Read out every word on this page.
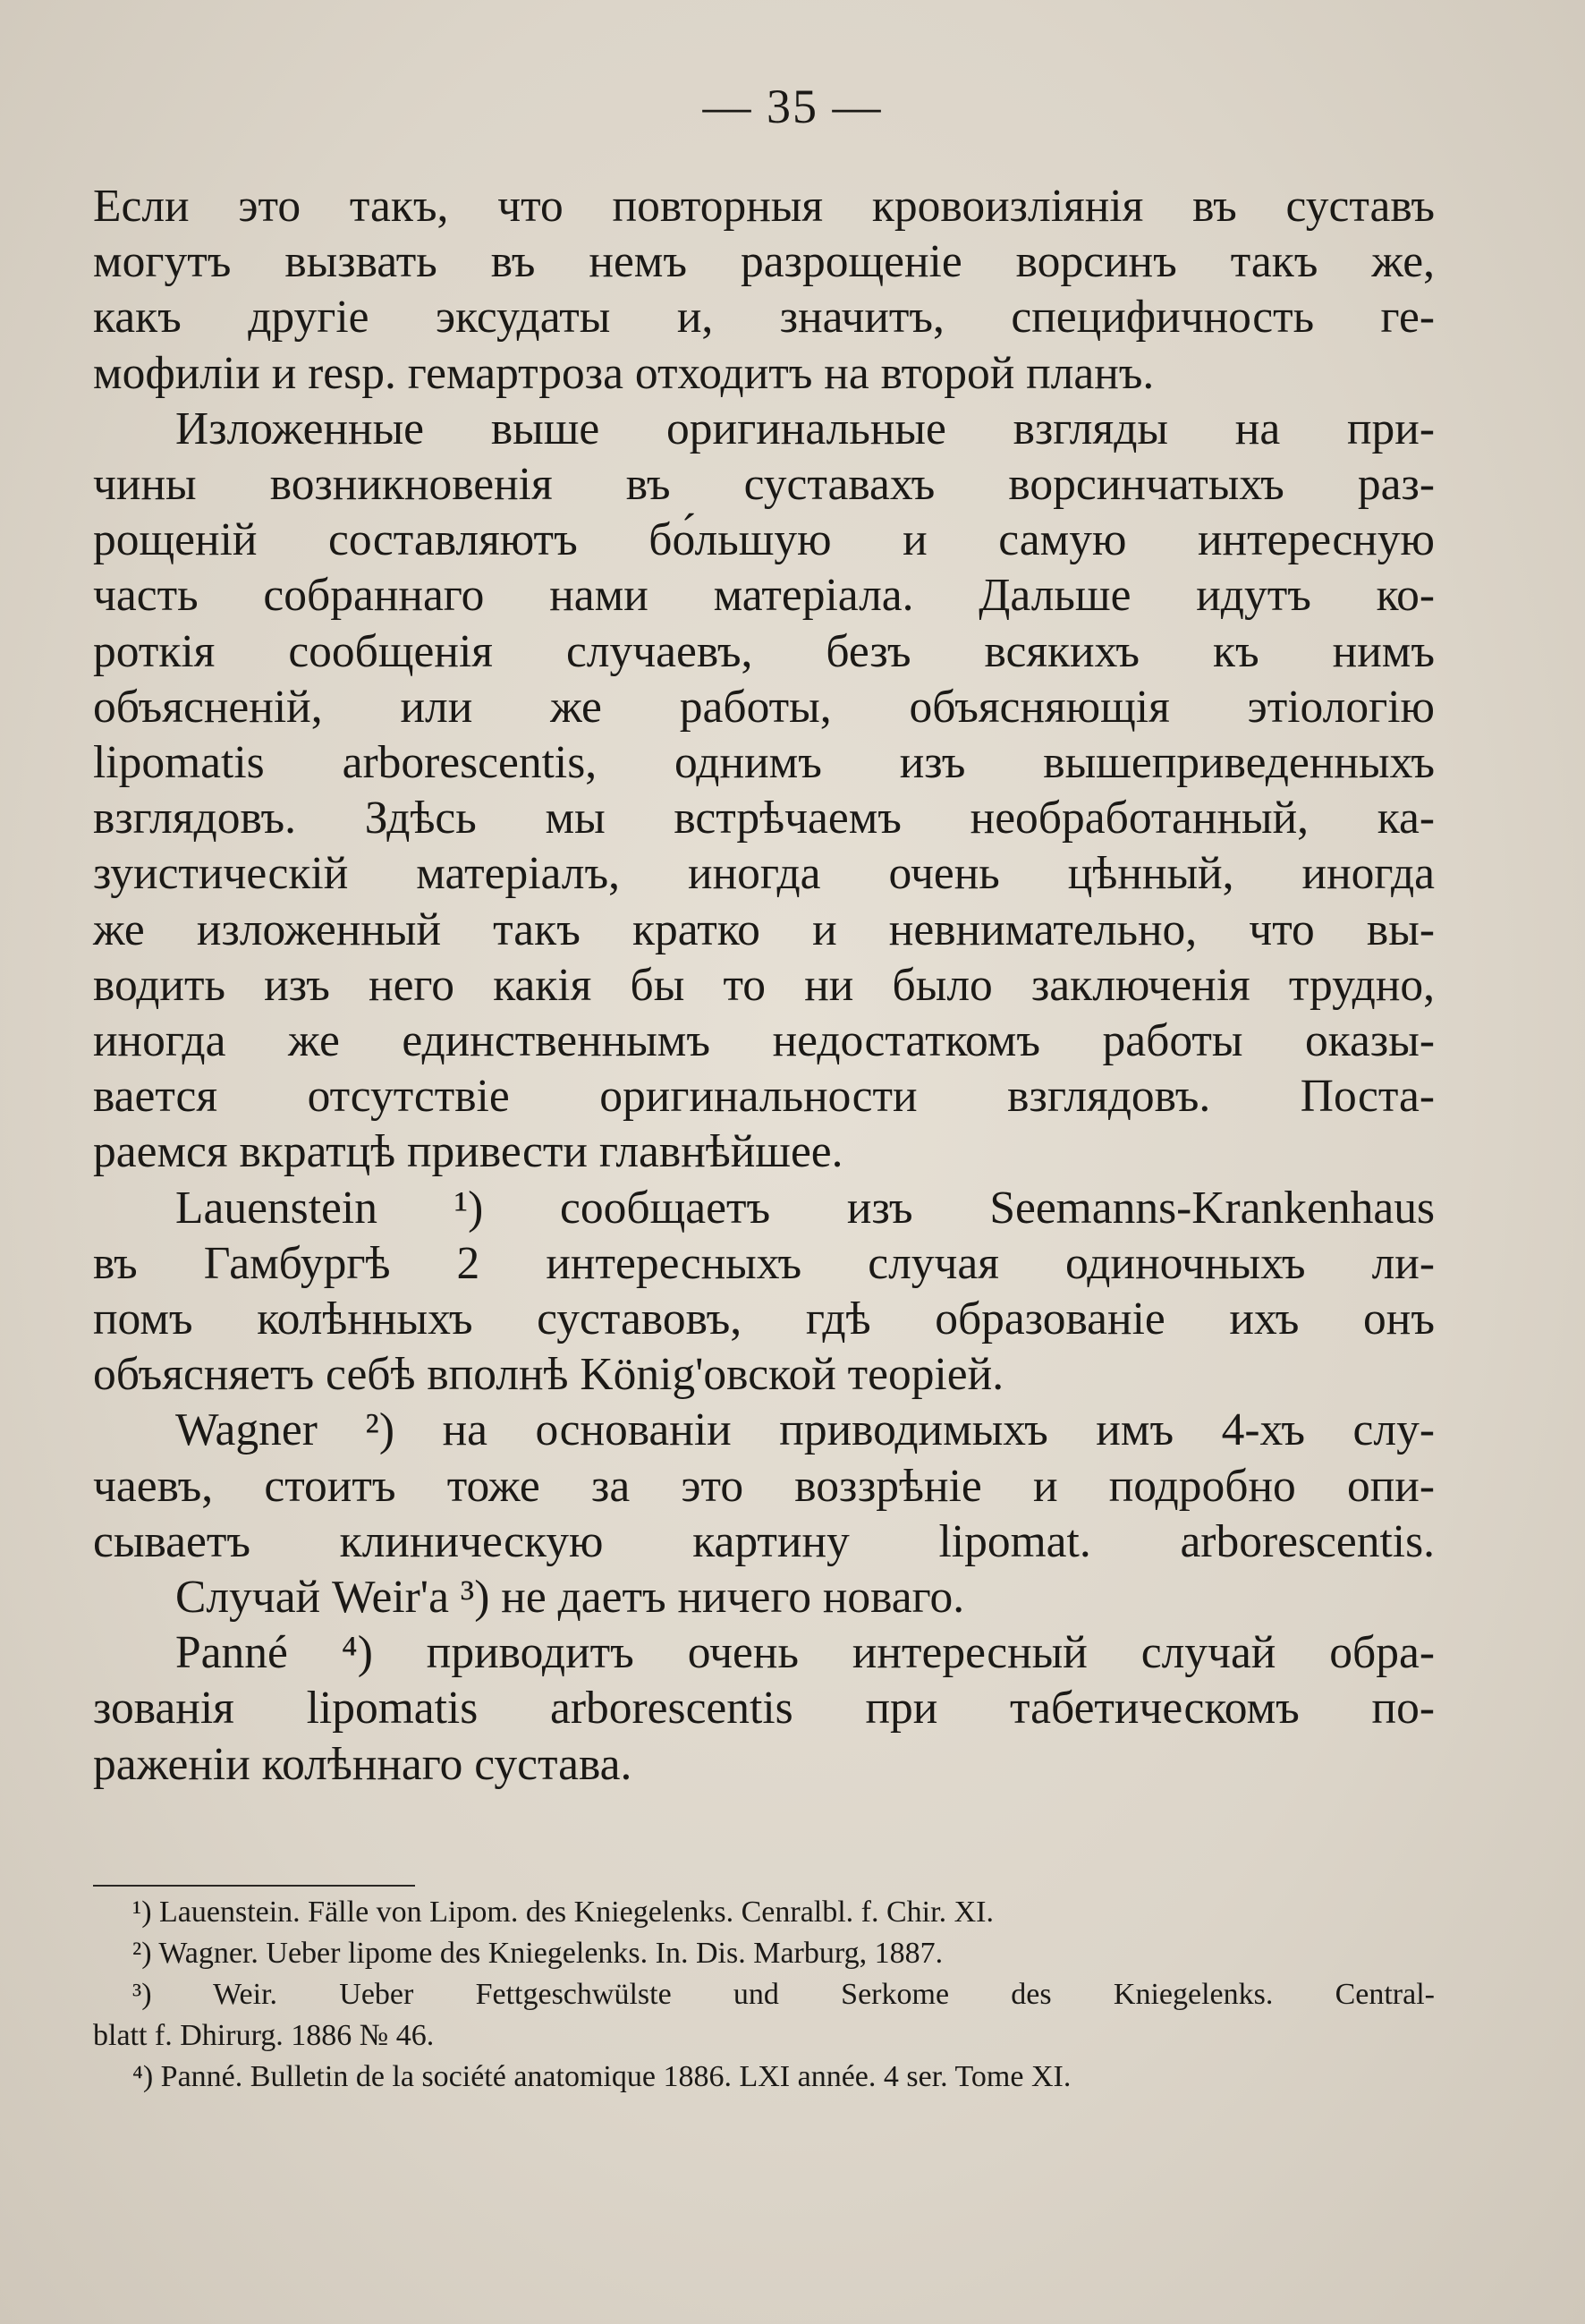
— 35 —
Если это такъ, что повторныя кровоизліянія въ суставъ
могутъ вызвать въ немъ разрощеніе ворсинъ такъ же,
какъ другіе эксудаты и, значитъ, специфичность ге-
мофиліи и resp. гемартроза отходитъ на второй планъ.
Изложенные выше оригинальные взгляды на при-
чины возникновенія въ суставахъ ворсинчатыхъ раз-
рощеній составляютъ бо́льшую и самую интересную
часть собраннаго нами матеріала. Дальше идутъ ко-
роткія сообщенія случаевъ, безъ всякихъ къ нимъ
объясненій, или же работы, объясняющія этіологію
lipomatis arborescentis, однимъ изъ вышеприведенныхъ
взглядовъ. Здѣсь мы встрѣчаемъ необработанный, ка-
зуистическій матеріалъ, иногда очень цѣнный, иногда
же изложенный такъ кратко и невнимательно, что вы-
водить изъ него какія бы то ни было заключенія трудно,
иногда же единственнымъ недостаткомъ работы оказы-
вается отсутствіе оригинальности взглядовъ. Поста-
раемся вкратцѣ привести главнѣйшее.
Lauenstein ¹) сообщаетъ изъ Seemanns-Krankenhaus
въ Гамбургѣ 2 интересныхъ случая одиночныхъ ли-
помъ колѣнныхъ суставовъ, гдѣ образованіе ихъ онъ
объясняетъ себѣ вполнѣ König'овской теоріей.
Wagner ²) на основаніи приводимыхъ имъ 4-хъ слу-
чаевъ, стоитъ тоже за это воззрѣніе и подробно опи-
сываетъ клиническую картину lipomat. arborescentis.
Случай Weir'a ³) не даетъ ничего новаго.
Panné ⁴) приводитъ очень интересный случай обра-
зованія lipomatis arborescentis при табетическомъ по-
раженіи колѣннаго сустава.
¹) Lauenstein. Fälle von Lipom. des Kniegelenks. Cenralbl. f. Chir. XI.
²) Wagner. Ueber lipome des Kniegelenks. In. Dis. Marburg, 1887.
³) Weir. Ueber Fettgeschwülste und Serkome des Kniegelenks. Central-
blatt f. Dhirurg. 1886 № 46.
⁴) Panné. Bulletin de la société anatomique 1886. LXI année. 4 ser. Tome XI.
